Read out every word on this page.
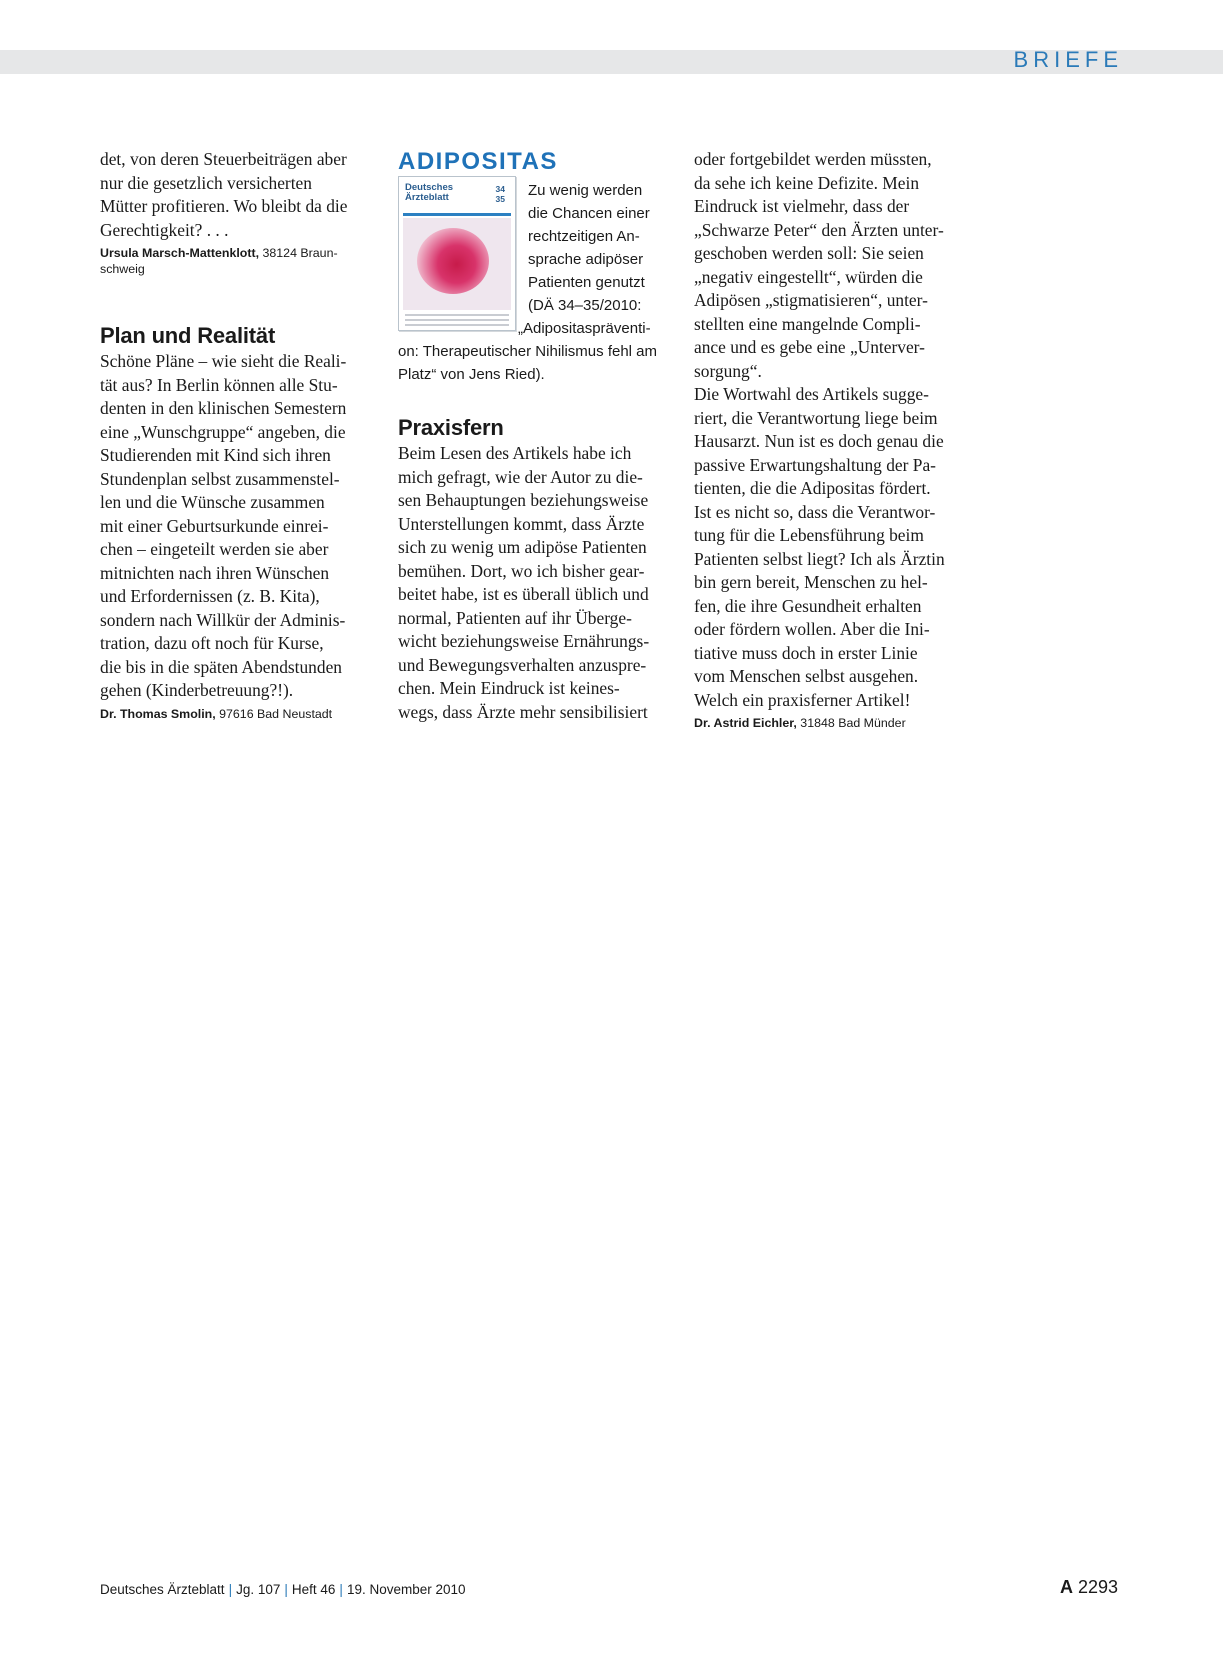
BRIEFE

det, von deren Steuerbeiträgen aber
nur die gesetzlich versicherten
Mütter profitieren. Wo bleibt da die
Gerechtigkeit? . . .

Ursula Marsch-Mattenklott, 38124 Braun-
schweig
Plan und Realität

Schöne Pläne – wie sieht die Reali-
tät aus? In Berlin können alle Stu-
denten in den klinischen Semestern
eine „Wunschgruppe“ angeben, die
Studierenden mit Kind sich ihren
Stundenplan selbst zusammenstel-
len und die Wünsche zusammen
mit einer Geburtsurkunde einrei-
chen – eingeteilt werden sie aber
mitnichten nach ihren Wünschen
und Erfordernissen (z. B. Kita),
sondern nach Willkür der Adminis-
tration, dazu oft noch für Kurse,
die bis in die späten Abendstunden
gehen (Kinderbetreuung?!).

Dr. Thomas Smolin, 97616 Bad Neustadt
ADIPOSITAS
Deutsches
Ärzteblatt
34
35 Zu wenig werden
die Chancen einer
rechtzeitigen An-
sprache adipöser
Patienten genutzt
(DÄ 34–35/2010:
„Adipositaspräventi-
on: Therapeutischer Nihilismus fehl am
Platz“ von Jens Ried).
Praxisfern

Beim Lesen des Artikels habe ich
mich gefragt, wie der Autor zu die-
sen Behauptungen beziehungsweise
Unterstellungen kommt, dass Ärzte
sich zu wenig um adipöse Patienten
bemühen. Dort, wo ich bisher gear-
beitet habe, ist es überall üblich und
normal, Patienten auf ihr Überge-
wicht beziehungsweise Ernährungs-
und Bewegungsverhalten anzuspre-
chen. Mein Eindruck ist keines-
wegs, dass Ärzte mehr sensibilisiert

oder fortgebildet werden müssten,
da sehe ich keine Defizite. Mein
Eindruck ist vielmehr, dass der
„Schwarze Peter“ den Ärzten unter-
geschoben werden soll: Sie seien
„negativ eingestellt“, würden die
Adipösen „stigmatisieren“, unter-
stellten eine mangelnde Compli-
ance und es gebe eine „Unterver-
sorgung“.
Die Wortwahl des Artikels sugge-
riert, die Verantwortung liege beim
Hausarzt. Nun ist es doch genau die
passive Erwartungshaltung der Pa-
tienten, die die Adipositas fördert.
Ist es nicht so, dass die Verantwor-
tung für die Lebensführung beim
Patienten selbst liegt? Ich als Ärztin
bin gern bereit, Menschen zu hel-
fen, die ihre Gesundheit erhalten
oder fördern wollen. Aber die Ini-
tiative muss doch in erster Linie
vom Menschen selbst ausgehen.
Welch ein praxisferner Artikel!

Dr. Astrid Eichler, 31848 Bad Münder
Deutsches Ärzteblatt | Jg. 107 | Heft 46 | 19. November 2010	A 2293
